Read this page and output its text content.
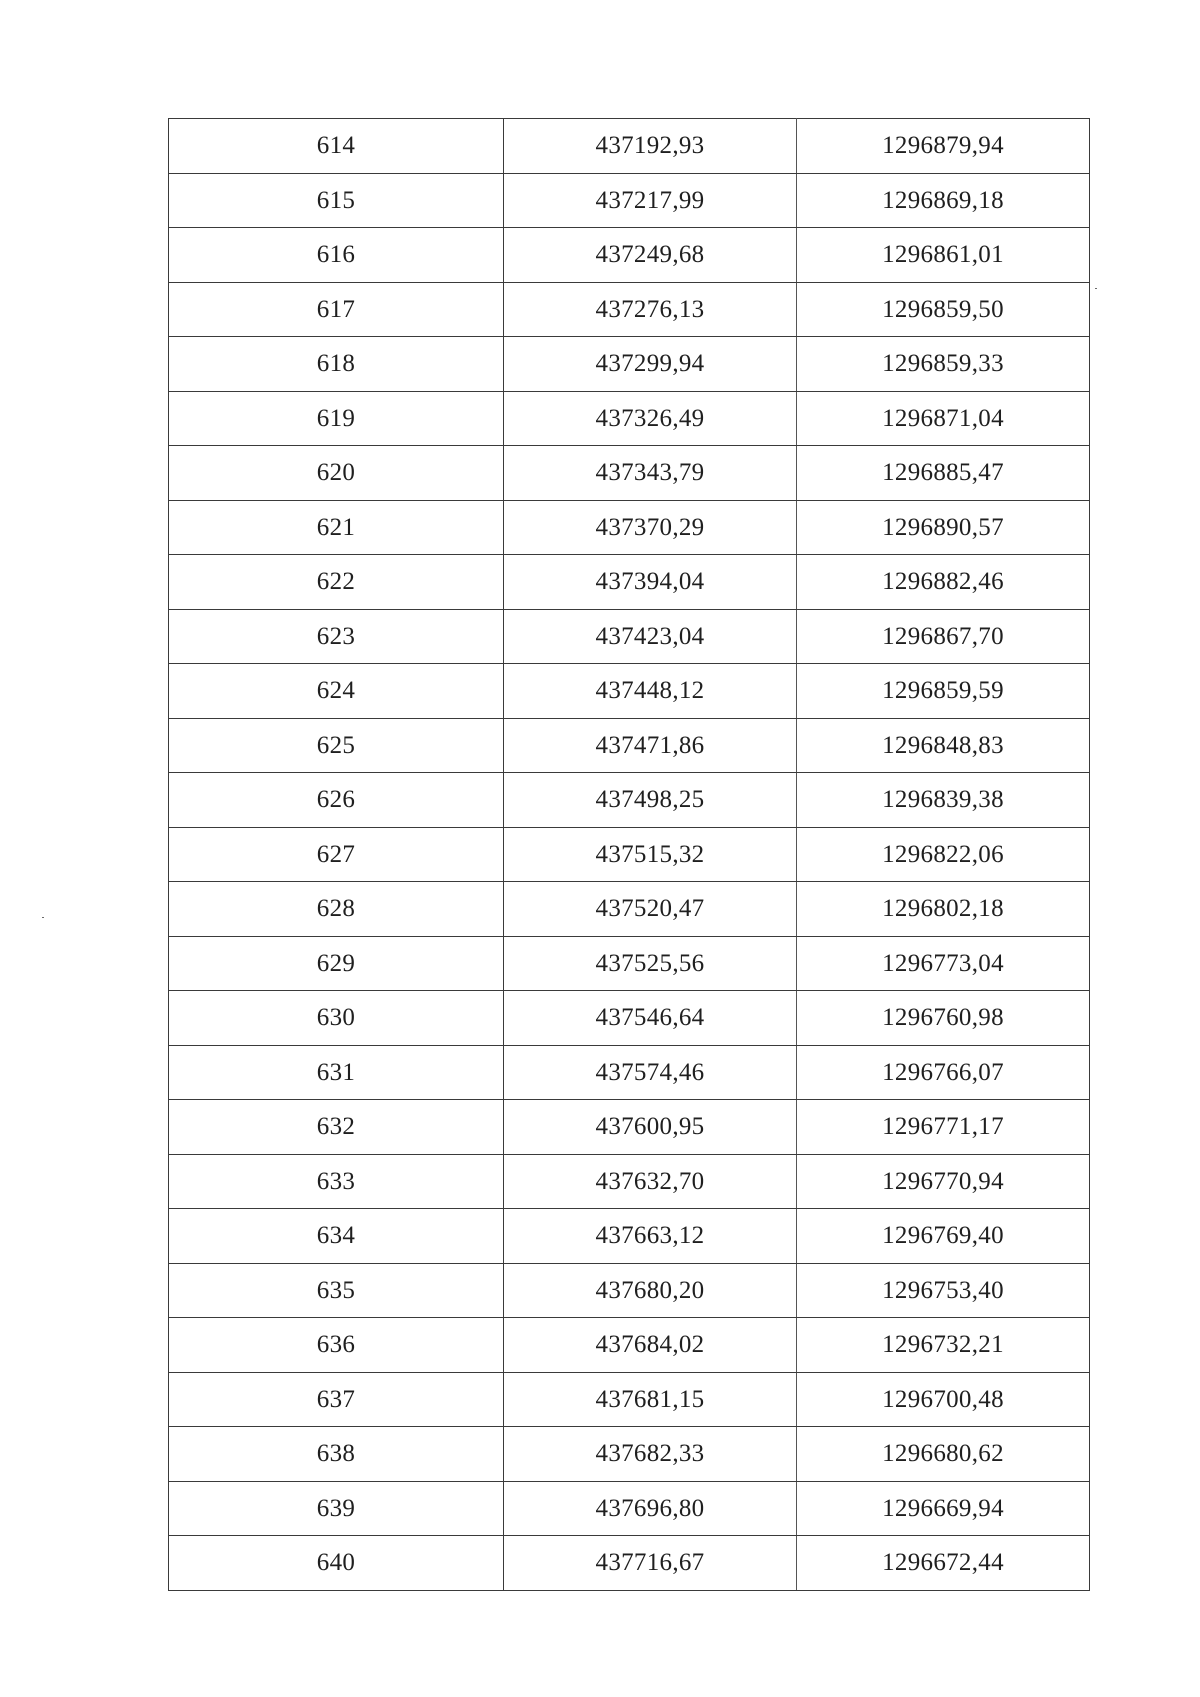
614	437192,93	1296879,94
615	437217,99	1296869,18
616	437249,68	1296861,01
617	437276,13	1296859,50
618	437299,94	1296859,33
619	437326,49	1296871,04
620	437343,79	1296885,47
621	437370,29	1296890,57
622	437394,04	1296882,46
623	437423,04	1296867,70
624	437448,12	1296859,59
625	437471,86	1296848,83
626	437498,25	1296839,38
627	437515,32	1296822,06
628	437520,47	1296802,18
629	437525,56	1296773,04
630	437546,64	1296760,98
631	437574,46	1296766,07
632	437600,95	1296771,17
633	437632,70	1296770,94
634	437663,12	1296769,40
635	437680,20	1296753,40
636	437684,02	1296732,21
637	437681,15	1296700,48
638	437682,33	1296680,62
639	437696,80	1296669,94
640	437716,67	1296672,44
